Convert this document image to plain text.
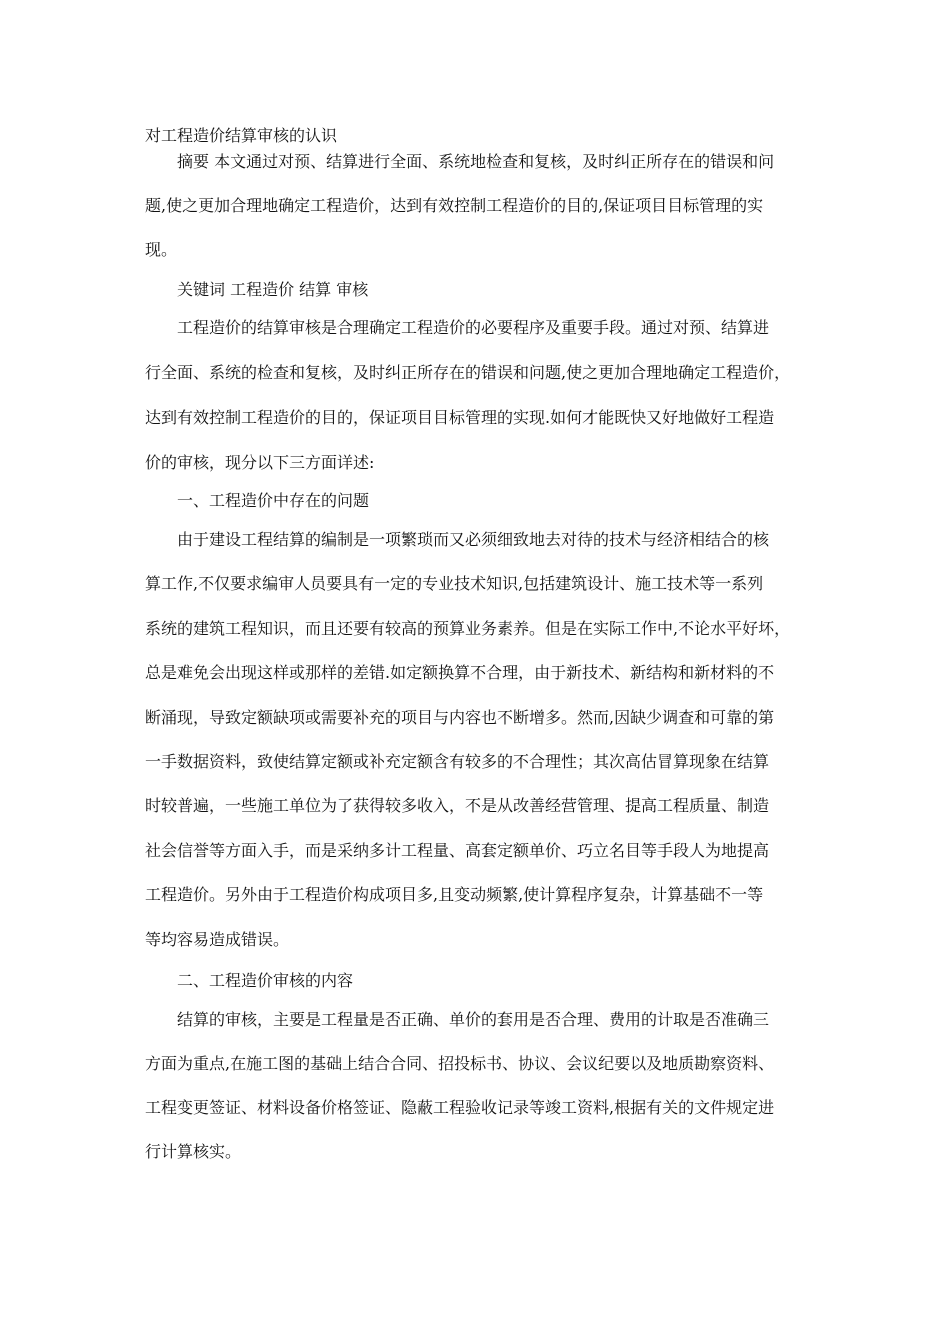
对工程造价结算审核的认识
摘要 本文通过对预、结算进行全面、系统地检查和复核，及时纠正所存在的错误和问
题,使之更加合理地确定工程造价，达到有效控制工程造价的目的,保证项目目标管理的实
现。
关键词 工程造价 结算 审核
工程造价的结算审核是合理确定工程造价的必要程序及重要手段。通过对预、结算进
行全面、系统的检查和复核，及时纠正所存在的错误和问题,使之更加合理地确定工程造价，
达到有效控制工程造价的目的，保证项目目标管理的实现.如何才能既快又好地做好工程造
价的审核，现分以下三方面详述:
一、工程造价中存在的问题
由于建设工程结算的编制是一项繁琐而又必须细致地去对待的技术与经济相结合的核
算工作,不仅要求编审人员要具有一定的专业技术知识,包括建筑设计、施工技术等一系列
系统的建筑工程知识，而且还要有较高的预算业务素养。但是在实际工作中,不论水平好坏，
总是难免会出现这样或那样的差错.如定额换算不合理，由于新技术、新结构和新材料的不
断涌现，导致定额缺项或需要补充的项目与内容也不断增多。然而,因缺少调查和可靠的第
一手数据资料，致使结算定额或补充定额含有较多的不合理性；其次高估冒算现象在结算
时较普遍，一些施工单位为了获得较多收入，不是从改善经营管理、提高工程质量、制造
社会信誉等方面入手，而是采纳多计工程量、高套定额单价、巧立名目等手段人为地提高
工程造价。另外由于工程造价构成项目多,且变动频繁,使计算程序复杂，计算基础不一等
等均容易造成错误。
二、工程造价审核的内容
结算的审核，主要是工程量是否正确、单价的套用是否合理、费用的计取是否准确三
方面为重点,在施工图的基础上结合合同、招投标书、协议、会议纪要以及地质勘察资料、
工程变更签证、材料设备价格签证、隐蔽工程验收记录等竣工资料,根据有关的文件规定进
行计算核实。
